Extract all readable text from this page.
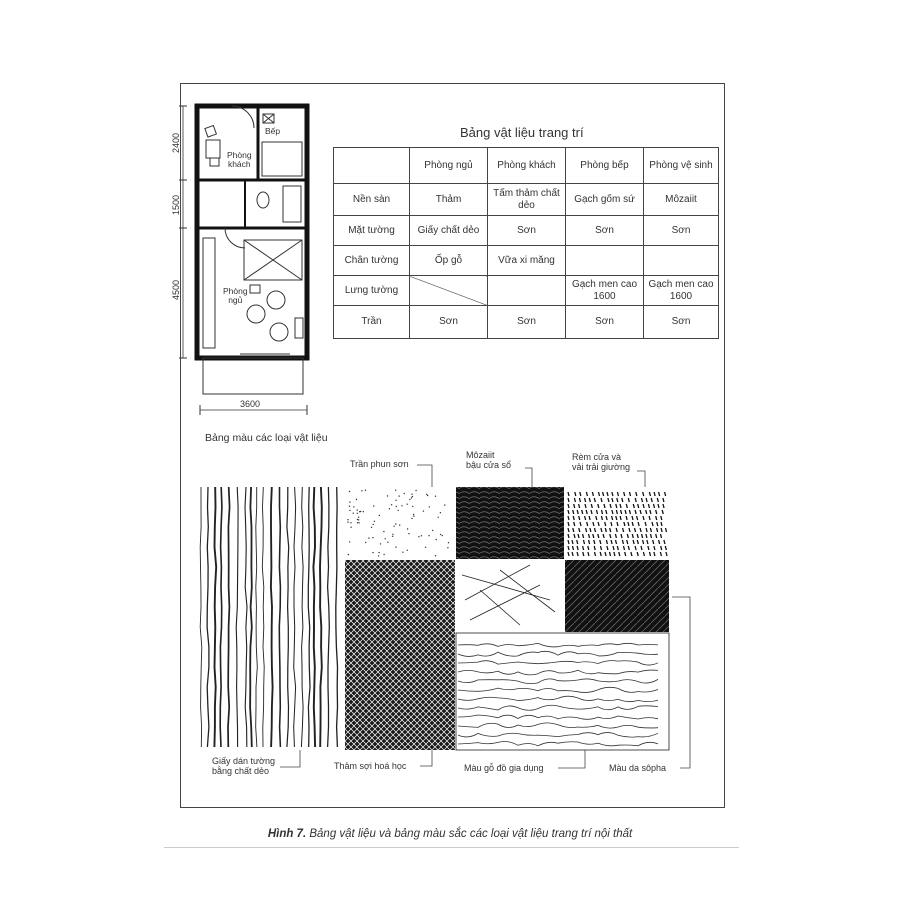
2400
1500
4500
3600
Bếp
Phòng
khách
Phòng
ngủ
Bảng vật liệu trang trí
	Phòng ngủ	Phòng khách	Phòng bếp	Phòng vệ sinh
Nền sàn	Thảm	Tấm thảm chất dẻo	Gạch gốm sứ	Môzaiit
Mặt tường	Giấy chất dẻo	Sơn	Sơn	Sơn
Chân tường	Ốp gỗ	Vữa xi măng		
Lưng tường			Gạch men cao 1600	Gạch men cao 1600
Trần	Sơn	Sơn	Sơn	Sơn
Bảng màu các loại vật liệu
Trần phun sơn
Môzaiit
bậu cửa sổ
Rèm cửa và
vải trải giường
Giấy dán tường
bằng chất dẻo
Thảm sợi hoá học	Màu gỗ đồ gia dụng	Màu da sôpha
Hình 7. Bảng vật liệu và bảng màu sắc các loại vật liệu trang trí nội thất
